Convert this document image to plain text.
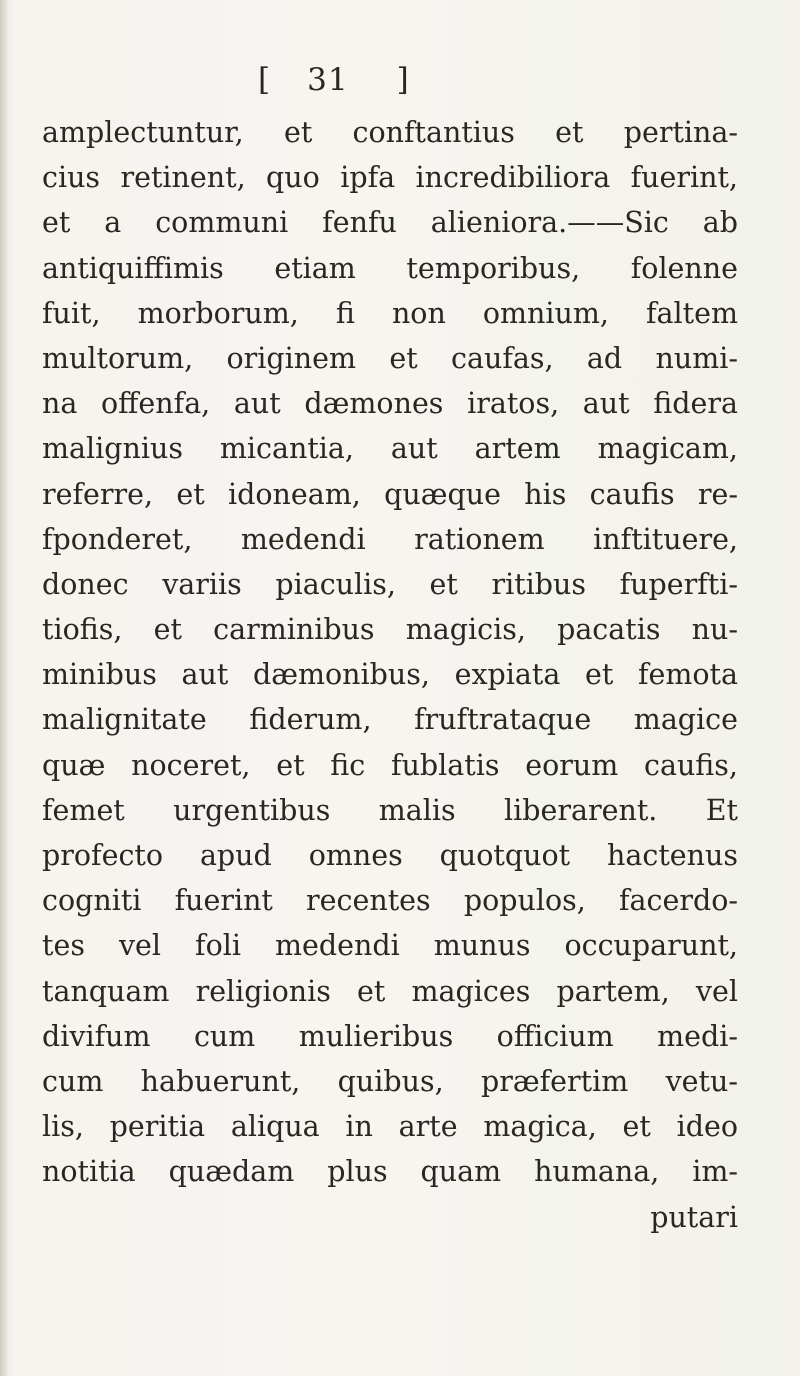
[ 31 ]
amplectuntur, et conftantius et pertina-
cius retinent, quo ipfa incredibiliora fuerint,
et a communi fenfu alieniora.——Sic ab
antiquiffimis etiam temporibus, folenne
fuit, morborum, fi non omnium, faltem
multorum, originem et caufas, ad numi-
na offenfa, aut dæmones iratos, aut fidera
malignius micantia, aut artem magicam,
referre, et idoneam, quæque his caufis re-
fponderet, medendi rationem inftituere,
donec variis piaculis, et ritibus fuperfti-
tiofis, et carminibus magicis, pacatis nu-
minibus aut dæmonibus, expiata et femota
malignitate fiderum, fruftrataque magice
quæ noceret, et fic fublatis eorum caufis,
femet urgentibus malis liberarent. Et
profecto apud omnes quotquot hactenus
cogniti fuerint recentes populos, facerdo-
tes vel foli medendi munus occuparunt,
tanquam religionis et magices partem, vel
divifum cum mulieribus officium medi-
cum habuerunt, quibus, præfertim vetu-
lis, peritia aliqua in arte magica, et ideo
notitia quædam plus quam humana, im-
putari
